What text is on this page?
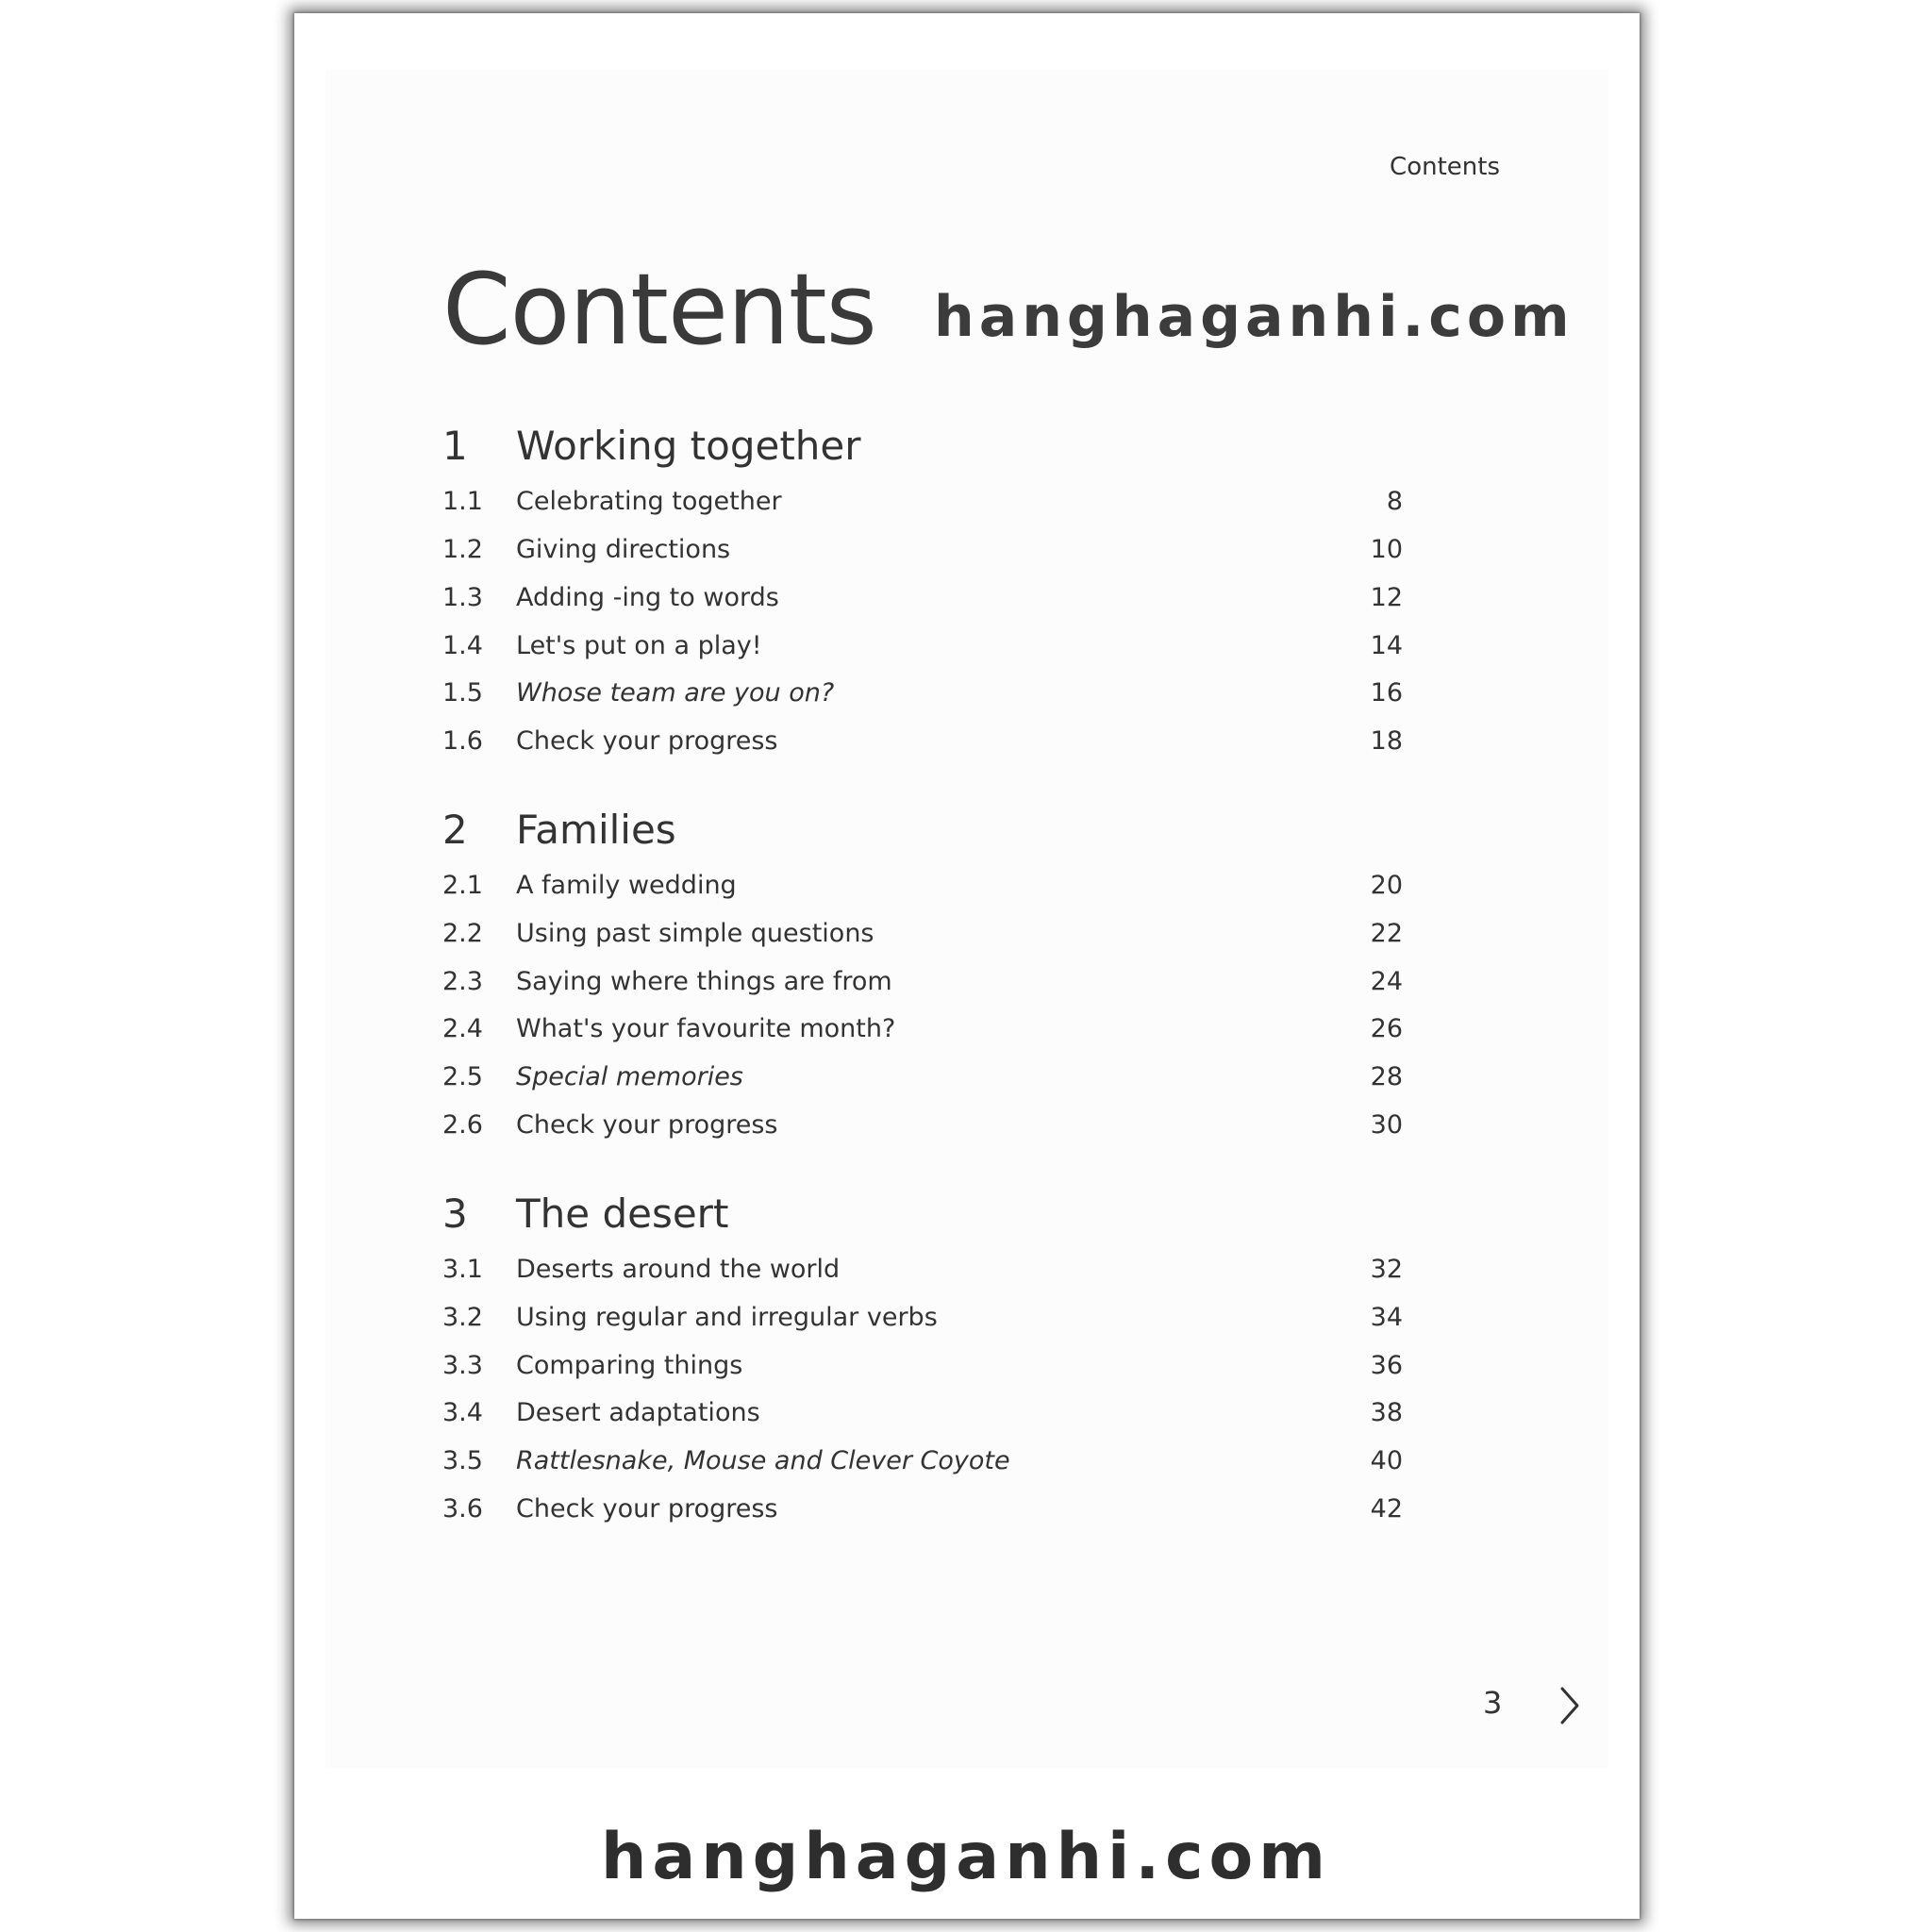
Contents
Contents hanghaganhi.com
1 Working together
1.1 Celebrating together	8
1.2 Giving directions	10
1.3 Adding -ing to words	12
1.4 Let's put on a play!	14
1.5 Whose team are you on?	16
1.6 Check your progress	18
2 Families
2.1 A family wedding	20
2.2 Using past simple questions	22
2.3 Saying where things are from	24
2.4 What's your favourite month?	26
2.5 Special memories	28
2.6 Check your progress	30
3 The desert
3.1 Deserts around the world	32
3.2 Using regular and irregular verbs	34
3.3 Comparing things	36
3.4 Desert adaptations	38
3.5 Rattlesnake, Mouse and Clever Coyote	40
3.6 Check your progress	42
3
hanghaganhi.com
